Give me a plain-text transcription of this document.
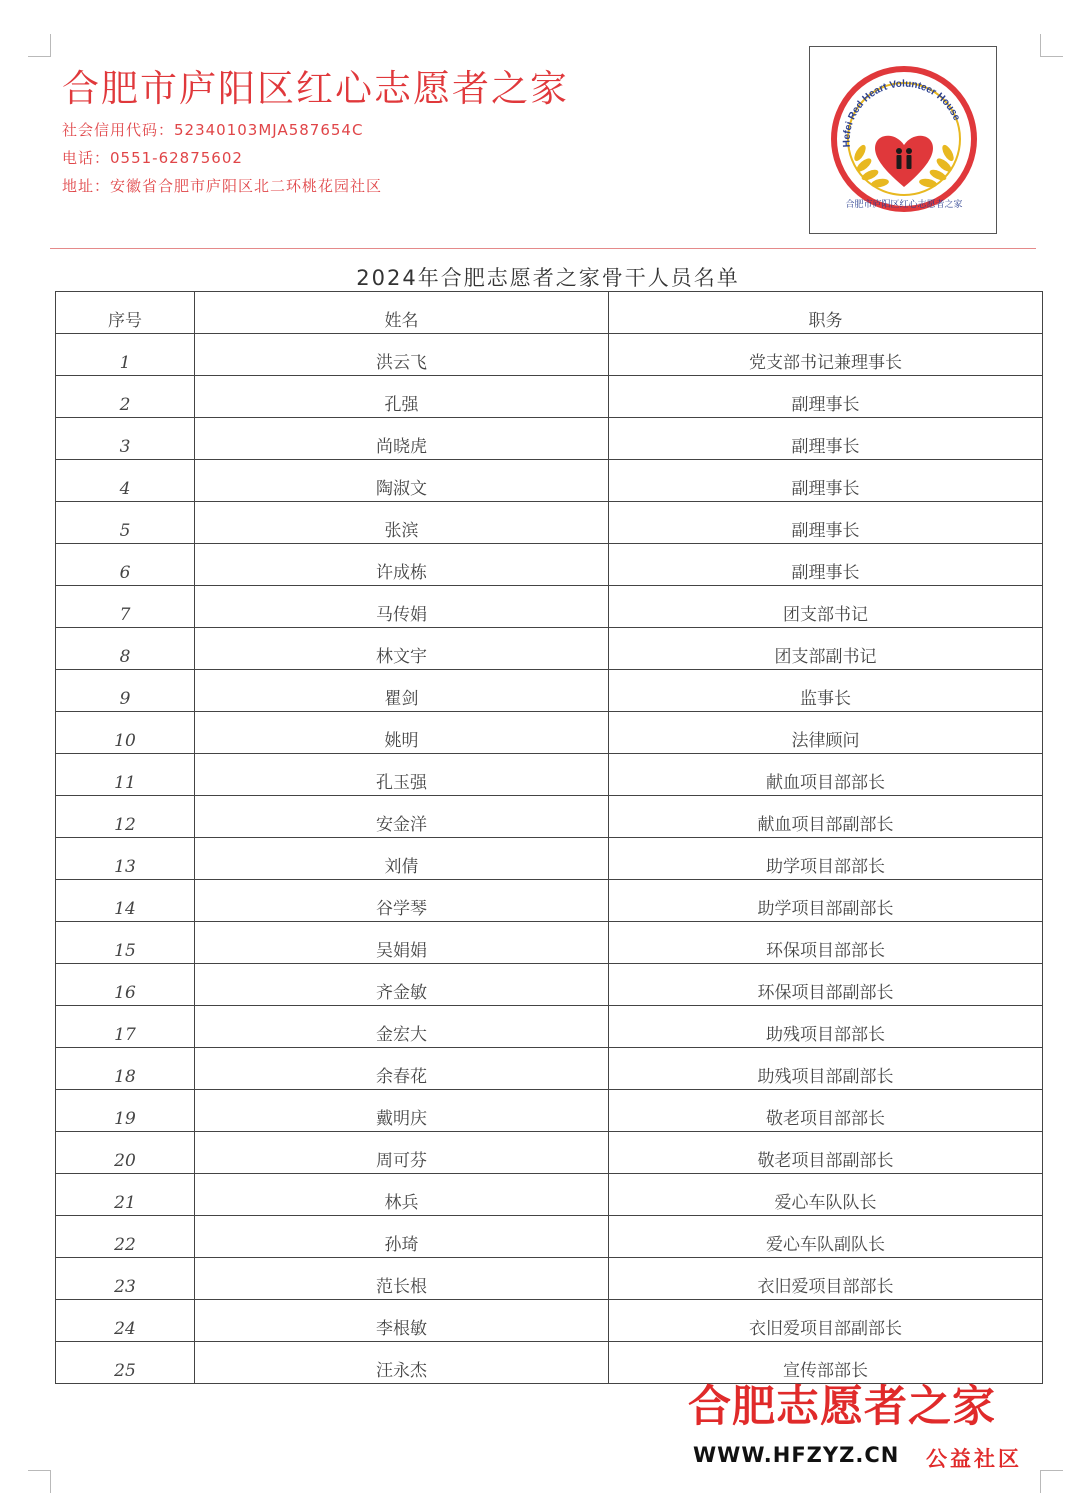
合肥市庐阳区红心志愿者之家
社会信用代码：52340103MJA587654C
电话：0551-62875602
地址：安徽省合肥市庐阳区北二环桃花园社区
Hefei Red Heart Volunteer House
合肥市庐阳区红心志愿者之家
2024年合肥志愿者之家骨干人员名单
序号	姓名	职务
1	洪云飞	党支部书记兼理事长
2	孔强	副理事长
3	尚晓虎	副理事长
4	陶淑文	副理事长
5	张滨	副理事长
6	许成栋	副理事长
7	马传娟	团支部书记
8	林文宇	团支部副书记
9	瞿剑	监事长
10	姚明	法律顾问
11	孔玉强	献血项目部部长
12	安金洋	献血项目部副部长
13	刘倩	助学项目部部长
14	谷学琴	助学项目部副部长
15	吴娟娟	环保项目部部长
16	齐金敏	环保项目部副部长
17	金宏大	助残项目部部长
18	余春花	助残项目部副部长
19	戴明庆	敬老项目部部长
20	周可芬	敬老项目部副部长
21	林兵	爱心车队队长
22	孙琦	爱心车队副队长
23	范长根	衣旧爱项目部部长
24	李根敏	衣旧爱项目部副部长
25	汪永杰	宣传部部长
合肥志愿者之家
WWW.HFZYZ.CN 公益社区
